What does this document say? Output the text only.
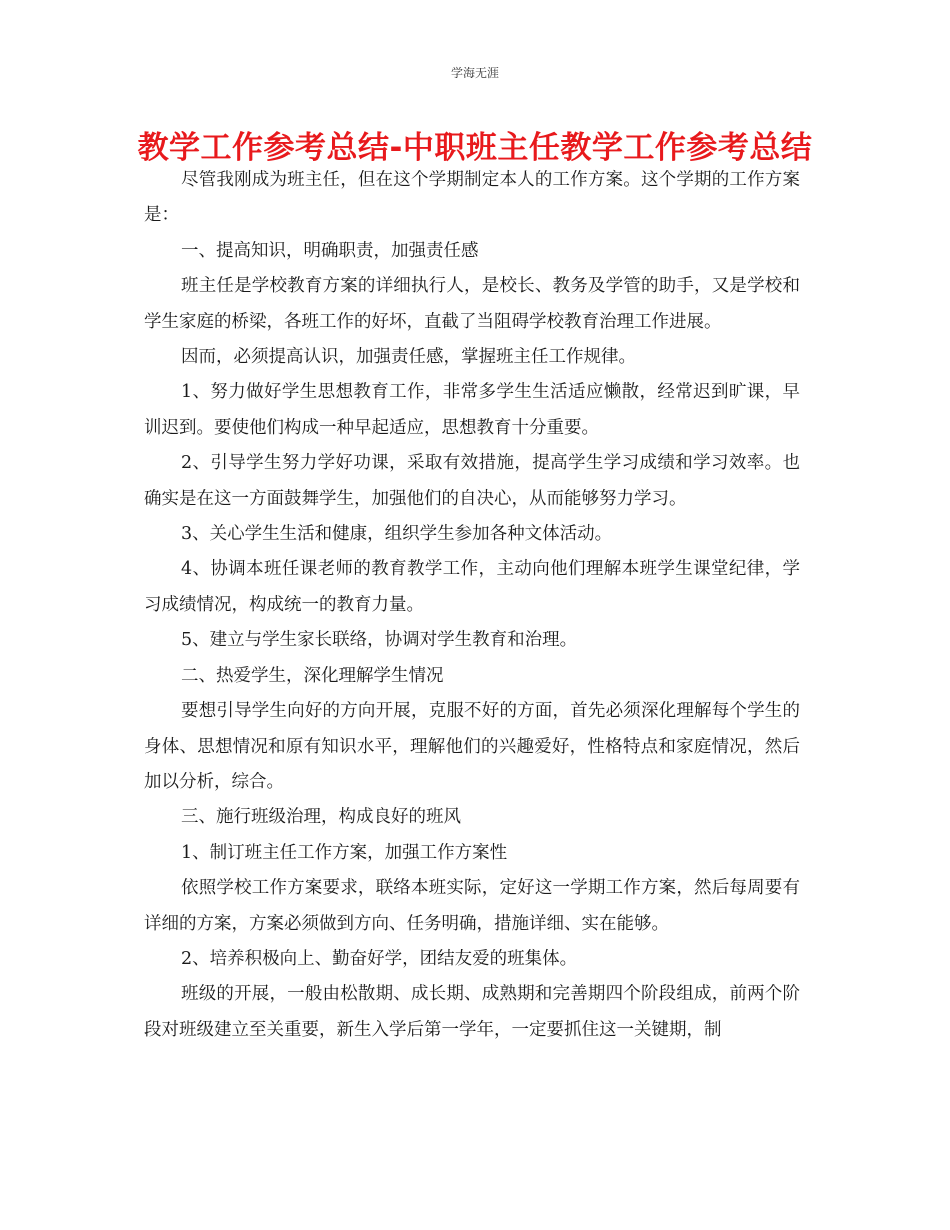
学海无涯
教学工作参考总结-中职班主任教学工作参考总结

尽管我刚成为班主任，但在这个学期制定本人的工作方案。这个学期的工作方案是：

一、提高知识，明确职责，加强责任感

班主任是学校教育方案的详细执行人，是校长、教务及学管的助手，又是学校和学生家庭的桥梁，各班工作的好坏，直截了当阻碍学校教育治理工作进展。

因而，必须提高认识，加强责任感，掌握班主任工作规律。

1、努力做好学生思想教育工作，非常多学生生活适应懒散，经常迟到旷课，早训迟到。要使他们构成一种早起适应，思想教育十分重要。

2、引导学生努力学好功课，采取有效措施，提高学生学习成绩和学习效率。也确实是在这一方面鼓舞学生，加强他们的自决心，从而能够努力学习。

3、关心学生生活和健康，组织学生参加各种文体活动。

4、协调本班任课老师的教育教学工作，主动向他们理解本班学生课堂纪律，学习成绩情况，构成统一的教育力量。

5、建立与学生家长联络，协调对学生教育和治理。

二、热爱学生，深化理解学生情况

要想引导学生向好的方向开展，克服不好的方面，首先必须深化理解每个学生的身体、思想情况和原有知识水平，理解他们的兴趣爱好，性格特点和家庭情况，然后加以分析，综合。

三、施行班级治理，构成良好的班风

1、制订班主任工作方案，加强工作方案性

依照学校工作方案要求，联络本班实际，定好这一学期工作方案，然后每周要有详细的方案，方案必须做到方向、任务明确，措施详细、实在能够。

2、培养积极向上、勤奋好学，团结友爱的班集体。

班级的开展，一般由松散期、成长期、成熟期和完善期四个阶段组成，前两个阶段对班级建立至关重要，新生入学后第一学年，一定要抓住这一关键期，制
